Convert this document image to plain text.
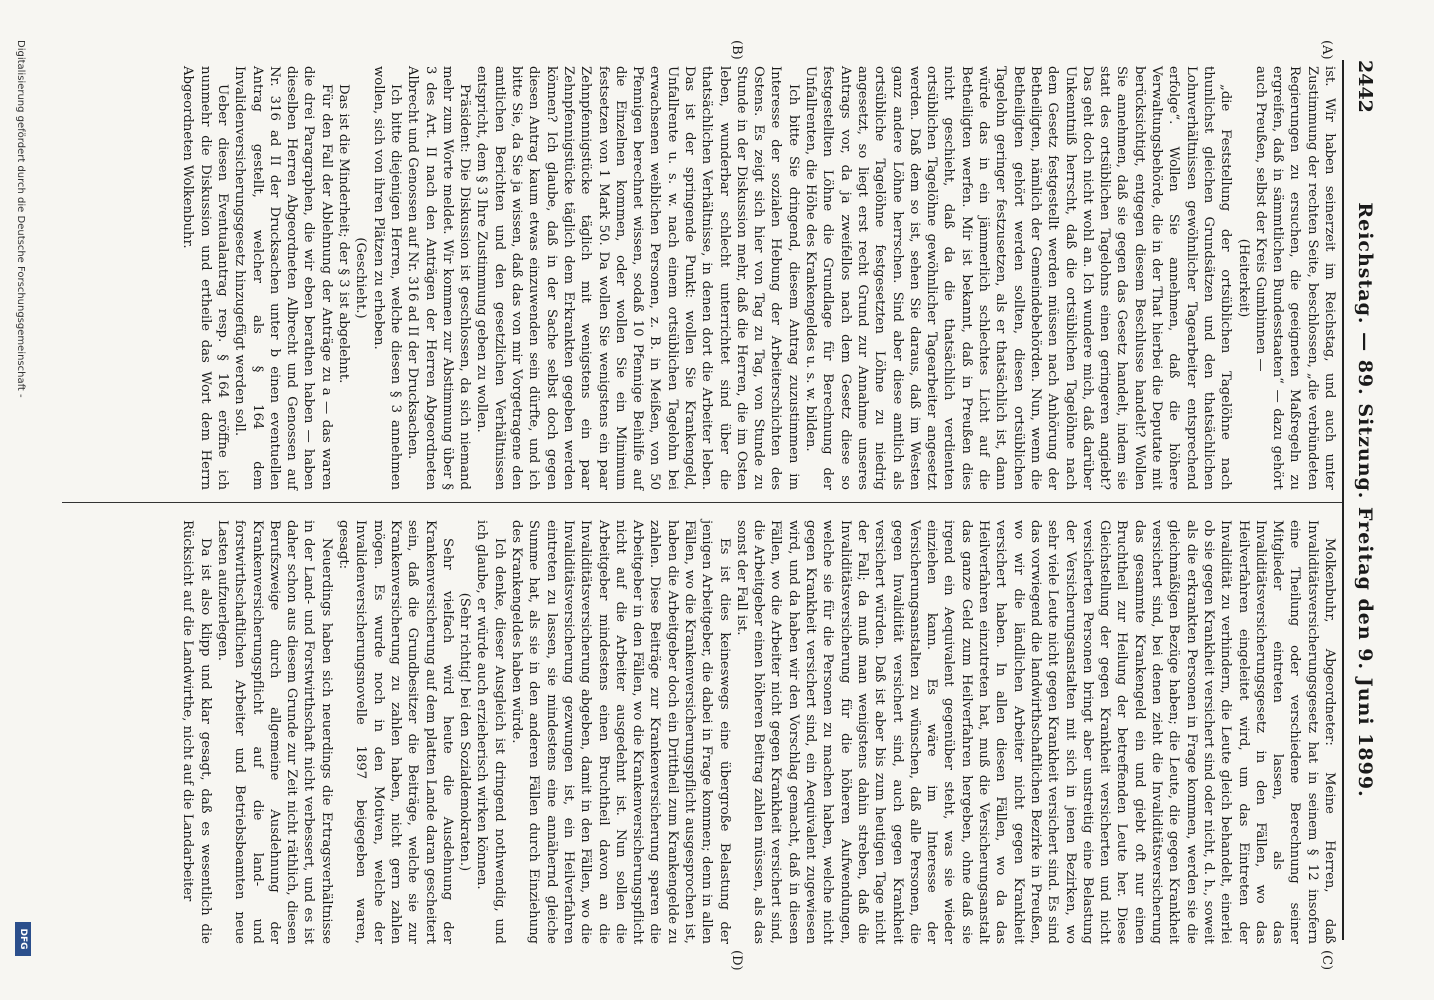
2442
Reichstag. — 89. Sitzung. Freitag den 9. Juni 1899.
(A)
(B)
(C)
(D)

ist. Wir haben seinerzeit im Reichstag, und auch unter Zustimmung der rechten Seite, beschlossen, „die verbündeten Regierungen zu ersuchen, die geeigneten Maßregeln zu ergreifen, daß in sämmtlichen Bundesstaaten“ — dazu gehört auch Preußen, selbst der Kreis Gumbinnen —

(Heiterkeit)

„die Feststellung der ortsüblichen Tagelöhne nach thunlichst gleichen Grundsätzen und den thatsächlichen Lohnverhältnissen gewöhnlicher Tagearbeiter entsprechend erfolge“. Wollen Sie annehmen, daß die höhere Verwaltungsbehörde, die in der That hierbei die Deputate mit berücksichtigt, entgegen diesem Beschlusse handelt? Wollen Sie annehmen, daß sie gegen das Gesetz handelt, indem sie statt des ortsüblichen Tagelohns einen geringeren angiebt? Das geht doch nicht wohl an. Ich wundere mich, daß darüber Unkenntniß herrscht, daß die ortsüblichen Tagelöhne nach dem Gesetz festgestellt werden müssen nach Anhörung der Betheiligten, nämlich der Gemeindebehörden. Nun, wenn die Betheiligten gehört werden sollten, diesen ortsüblichen Tagelohn geringer festzusetzen, als er thatsächlich ist, dann würde das in ein jämmerlich schlechtes Licht auf die Betheiligten werfen. Mir ist bekannt, daß in Preußen dies nicht geschieht, daß da die thatsächlich verdienten ortsüblichen Tagelöhne gewöhnlicher Tagearbeiter angesetzt werden. Daß dem so ist, sehen Sie daraus, daß im Westen ganz andere Löhne herrschen. Sind aber diese amtlich als ortsübliche Tagelöhne festgesetzten Löhne zu niedrig angesetzt, so liegt erst recht Grund zur Annahme unseres Antrags vor, da ja zweifellos nach dem Gesetz diese so festgestellten Löhne die Grundlage für Berechnung der Unfallrenten, die Höhe des Krankengeldes u. s. w. bilden.

Ich bitte Sie dringend, diesem Antrag zuzustimmen im Interesse der sozialen Hebung der Arbeiterschichten des Ostens. Es zeigt sich hier von Tag zu Tag, von Stunde zu Stunde in der Diskussion mehr, daß die Herren, die im Osten leben, wunderbar schlecht unterrichtet sind über die thatsächlichen Verhältnisse, in denen dort die Arbeiter leben. Das ist der springende Punkt: wollen Sie Krankengeld, Unfallrente u. s. w. nach einem ortsüblichen Tagelohn bei erwachsenen weiblichen Personen, z. B. in Meißen, von 50 Pfennigen berechnet wissen, sodaß 10 Pfennige Beihilfe auf die Einzelnen kommen, oder wollen Sie ein Minimum festsetzen von 1 Mark 50. Da wollen Sie wenigstens ein paar Zehnpfennigstücke täglich mit wenigstens ein paar Zehnpfennigstücke täglich dem Erkrankten gegeben werden können? Ich glaube, daß in der Sache selbst doch gegen diesen Antrag kaum etwas einzuwenden sein dürfte, und ich bitte Sie, da Sie ja wissen, daß das von mir Vorgetragene den amtlichen Berichten und den gesetzlichen Verhältnissen entspricht, dem § 3 Ihre Zustimmung geben zu wollen.

Präsident: Die Diskussion ist geschlossen, da sich niemand mehr zum Worte meldet. Wir kommen zur Abstimmung über § 3 des Art. II nach den Anträgen der Herren Abgeordneten Albrecht und Genossen auf Nr. 316 ad II der Drucksachen.

Ich bitte diejenigen Herren, welche diesen § 3 annehmen wollen, sich von ihren Plätzen zu erheben.

(Geschieht.)

Das ist die Minderheit; der § 3 ist abgelehnt.

Für den Fall der Ablehnung der Anträge zu a — das waren die drei Paragraphen, die wir eben berathen haben — haben dieselben Herren Abgeordneten Albrecht und Genossen auf Nr. 316 ad II der Drucksachen unter b einen eventuellen Antrag gestellt, welcher als § 164 dem Invalidenversicherungsgesetz hinzugefügt werden soll.

Ueber diesen Eventualantrag resp. § 164 eröffne ich nunmehr die Diskussion und ertheile das Wort dem Herrn Abgeordneten Wolkenbuhr.

Molkenbuhr, Abgeordneter: Meine Herren, daß Invaliditätsversicherungsgesetz hat in seinem § 12 insofern eine Theilung oder verschiedene Berechnung seiner Mitglieder eintreten lassen, als das Invaliditätsversicherungsgesetz in den Fällen, wo das Heilverfahren eingeleitet wird, um das Eintreten der Invalidität zu verhindern, die Leute gleich behandelt, einerlei ob sie gegen Krankheit versichert sind oder nicht, d. h., soweit als die erkrankten Personen in Frage kommen, werden sie die gleichmäßigen Bezüge haben; die Leute, die gegen Krankheit versichert sind, bei denen zieht die Invaliditätsversicherung das gesammte Krankengeld ein und giebt oft nur einen Bruchtheil zur Heilung der betreffenden Leute her. Diese Gleichstellung der gegen Krankheit versicherten und nicht versicherten Personen bringt aber unstreitig eine Belastung der Versicherungsanstalten mit sich in jenen Bezirken, wo sehr viele Leute nicht gegen Krankheit versichert sind. Es sind das vorwiegend die landwirthschaftlichen Bezirke in Preußen, wo wir die ländlichen Arbeiter nicht gegen Krankheit versichert haben. In allen diesen Fällen, wo da das Heilverfahren einzutreten hat, muß die Versicherungsanstalt das ganze Geld zum Heilverfahren hergeben, ohne daß sie irgend ein Aequivalent gegenüber steht, was sie wieder einziehen kann. Es wäre im Interesse der Versicherungsanstalten zu wünschen, daß alle Personen, die gegen Invalidität versichert sind, auch gegen Krankheit versichert würden. Daß ist aber bis zum heutigen Tage nicht der Fall; da muß man wenigstens dahin streben, daß die Invaliditätsversicherung für die höheren Aufwendungen, welche sie für die Personen zu machen haben, welche nicht gegen Krankheit versichert sind, ein Aequivalent zugewiesen wird, und da haben wir den Vorschlag gemacht, daß in diesen Fällen, wo die Arbeiter nicht gegen Krankheit versichert sind, die Arbeitgeber einen höheren Beitrag zahlen müssen, als das sonst der Fall ist.

Es ist dies keineswegs eine übergroße Belastung der jenigen Arbeitgeber, die dabei in Frage kommen; denn in allen Fällen, wo die Krankenversicherungspflicht ausgesprochen ist, haben die Arbeitgeber doch ein Drittheil zum Krankengelde zu zahlen. Diese Beiträge zur Krankenversicherung sparen die Arbeitgeber in den Fällen, wo die Krankenversicherungspflicht nicht auf die Arbeiter ausgedehnt ist. Nun sollen die Arbeitgeber mindestens einen Bruchtheil davon an die Invaliditätsversicherung abgeben, damit in den Fällen, wo die Invaliditätsversicherung gezwungen ist, ein Heilverfahren eintreten zu lassen, sie mindestens eine annähernd gleiche Summe hat, als sie in den anderen Fällen durch Einziehung des Krankengeldes haben würde.

Ich denke, dieser Ausgleich ist dringend nothwendig, und ich glaube, er würde auch erzieherisch wirken können.

(Sehr richtig! bei den Sozialdemokraten.)

Sehr vielfach wird heute die Ausdehnung der Krankenversicherung auf dem platten Lande daran gescheitert sein, daß die Grundbesitzer die Beiträge, welche sie zur Krankenversicherung zu zahlen haben, nicht gern zahlen mögen. Es wurde noch in den Motiven, welche der Invalidenversicherungsnovelle 1897 beigegeben waren, gesagt:

Neuerdings haben sich neuerdings die Ertragsverhältnisse in der Land- und Forstwirthschaft nicht verbessert, und es ist daher schon aus diesem Grunde zur Zeit nicht räthlich, diesen Berufszweige durch allgemeine Ausdehnung der Krankenversicherungspflicht auf die land- und forstwirthschaftlichen Arbeiter und Betriebsbeamten neue Lasten aufzuerlegen.

Da ist also klipp und klar gesagt, daß es wesentlich die Rücksicht auf die Landwirthe, nicht auf die Landarbeiter

Digitalisierung gefördert durch die Deutsche Forschungsgemeinschaft -
DFG
